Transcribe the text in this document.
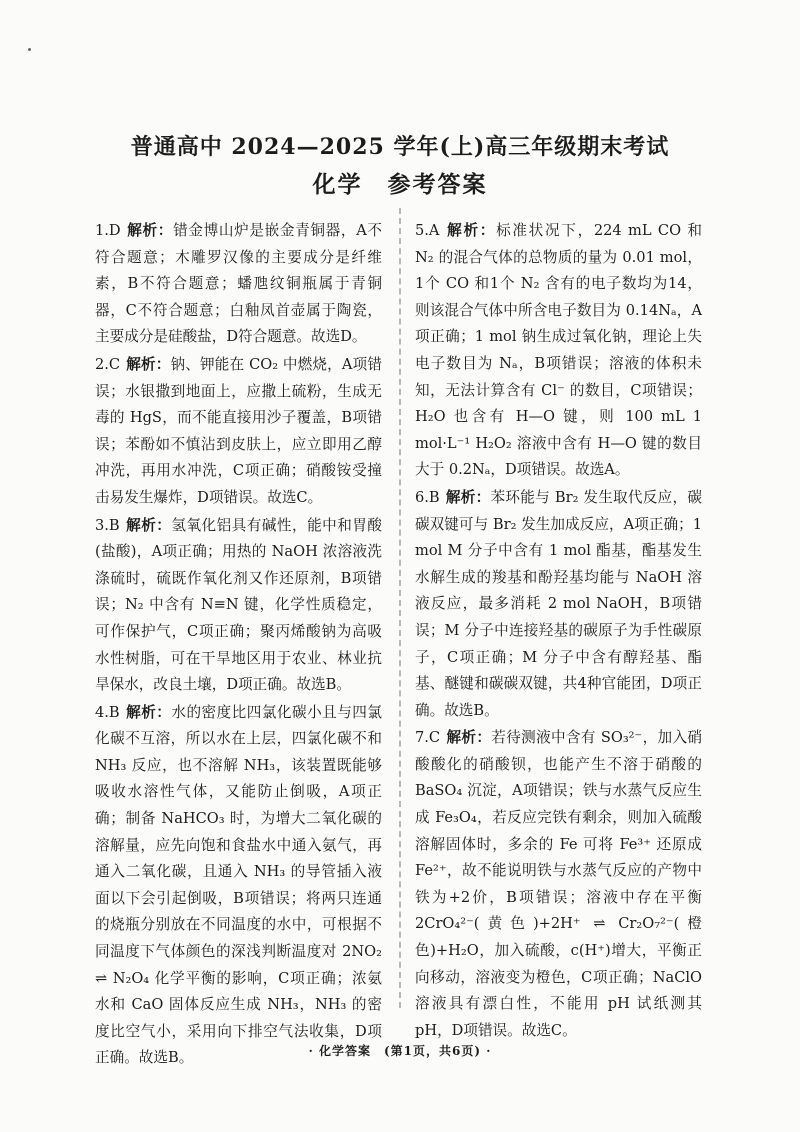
普通高中 2024—2025 学年(上)高三年级期末考试
化学　参考答案
1.D 解析：错金博山炉是嵌金青铜器，A不符合题意；木雕罗汉像的主要成分是纤维素，B不符合题意；蟠虺纹铜瓶属于青铜器，C不符合题意；白釉凤首壶属于陶瓷，主要成分是硅酸盐，D符合题意。故选D。
2.C 解析：钠、钾能在 CO₂ 中燃烧，A项错误；水银撒到地面上，应撒上硫粉，生成无毒的 HgS，而不能直接用沙子覆盖，B项错误；苯酚如不慎沾到皮肤上，应立即用乙醇冲洗，再用水冲洗，C项正确；硝酸铵受撞击易发生爆炸，D项错误。故选C。
3.B 解析：氢氧化铝具有碱性，能中和胃酸(盐酸)，A项正确；用热的 NaOH 浓溶液洗涤硫时，硫既作氧化剂又作还原剂，B项错误；N₂ 中含有 N≡N 键，化学性质稳定，可作保护气，C项正确；聚丙烯酸钠为高吸水性树脂，可在干旱地区用于农业、林业抗旱保水，改良土壤，D项正确。故选B。
4.B 解析：水的密度比四氯化碳小且与四氯化碳不互溶，所以水在上层，四氯化碳不和 NH₃ 反应，也不溶解 NH₃，该装置既能够吸收水溶性气体，又能防止倒吸，A项正确；制备 NaHCO₃ 时，为增大二氧化碳的溶解量，应先向饱和食盐水中通入氨气，再通入二氧化碳，且通入 NH₃ 的导管插入液面以下会引起倒吸，B项错误；将两只连通的烧瓶分别放在不同温度的水中，可根据不同温度下气体颜色的深浅判断温度对 2NO₂ ⇌ N₂O₄ 化学平衡的影响，C项正确；浓氨水和 CaO 固体反应生成 NH₃，NH₃ 的密度比空气小，采用向下排空气法收集，D项正确。故选B。
5.A 解析：标准状况下，224 mL CO 和 N₂ 的混合气体的总物质的量为 0.01 mol，1个 CO 和1个 N₂ 含有的电子数均为14，则该混合气体中所含电子数目为 0.14Nₐ，A项正确；1 mol 钠生成过氧化钠，理论上失电子数目为 Nₐ，B项错误；溶液的体积未知，无法计算含有 Cl⁻ 的数目，C项错误；H₂O 也含有 H—O 键，则 100 mL 1 mol·L⁻¹ H₂O₂ 溶液中含有 H—O 键的数目大于 0.2Nₐ，D项错误。故选A。
6.B 解析：苯环能与 Br₂ 发生取代反应，碳碳双键可与 Br₂ 发生加成反应，A项正确；1 mol M 分子中含有 1 mol 酯基，酯基发生水解生成的羧基和酚羟基均能与 NaOH 溶液反应，最多消耗 2 mol NaOH，B项错误；M 分子中连接羟基的碳原子为手性碳原子，C项正确；M 分子中含有醇羟基、酯基、醚键和碳碳双键，共4种官能团，D项正确。故选B。
7.C 解析：若待测液中含有 SO₃²⁻，加入硝酸酸化的硝酸钡，也能产生不溶于硝酸的 BaSO₄ 沉淀，A项错误；铁与水蒸气反应生成 Fe₃O₄，若反应完铁有剩余，则加入硫酸溶解固体时，多余的 Fe 可将 Fe³⁺ 还原成 Fe²⁺，故不能说明铁与水蒸气反应的产物中铁为+2价，B项错误；溶液中存在平衡 2CrO₄²⁻(黄色)+2H⁺ ⇌ Cr₂O₇²⁻(橙色)+H₂O，加入硫酸，c(H⁺)增大，平衡正向移动，溶液变为橙色，C项正确；NaClO 溶液具有漂白性，不能用 pH 试纸测其 pH，D项错误。故选C。
· 化学答案　(第1页，共6页) ·
